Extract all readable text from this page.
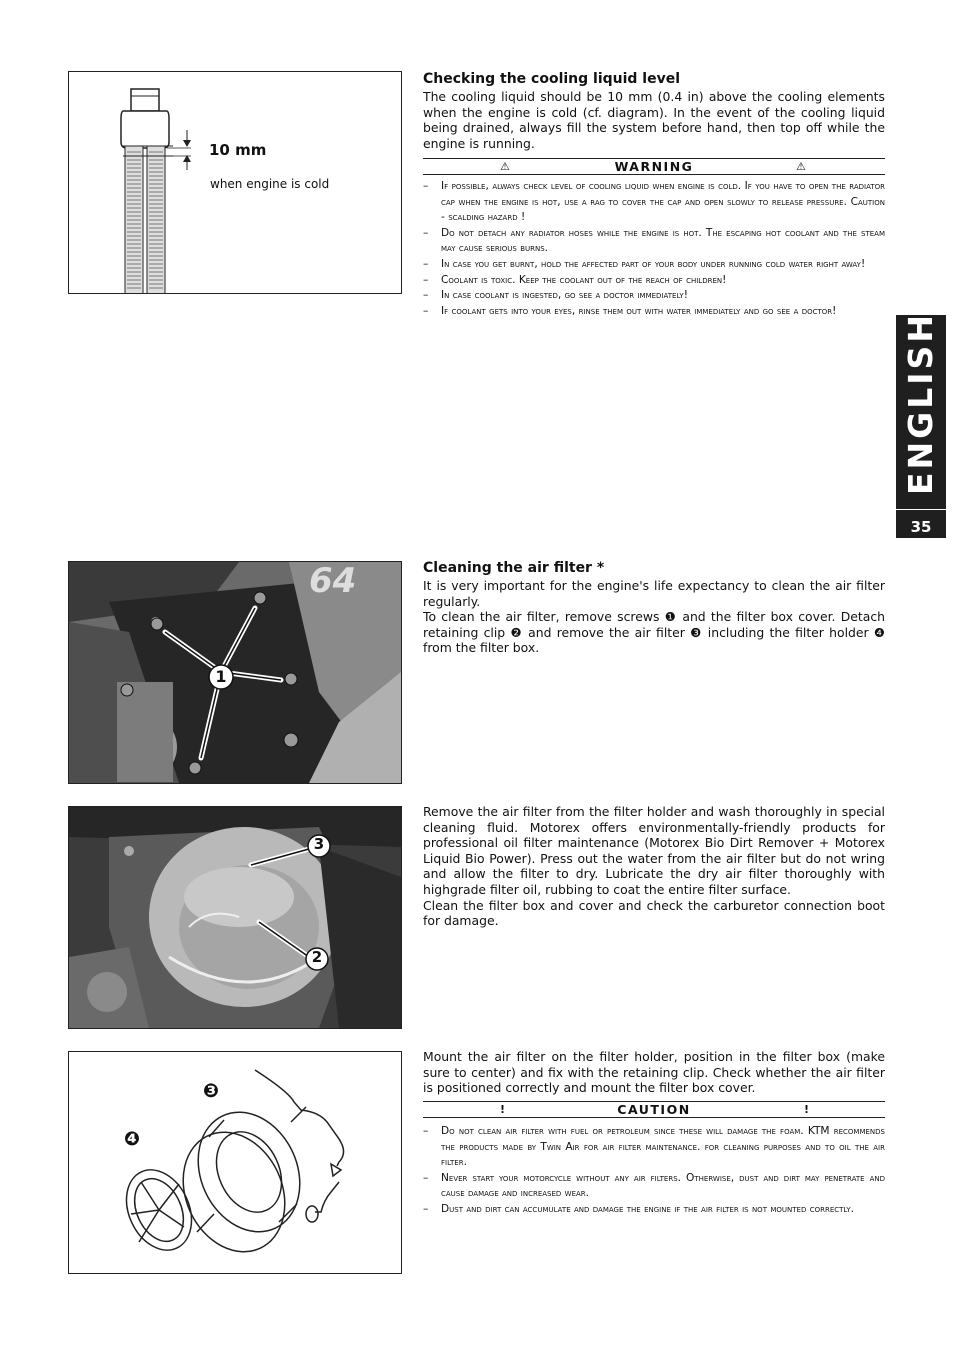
10 mm
when engine is cold
Checking the cooling liquid level

The cooling liquid should be 10 mm (0.4 in) above the cooling elements when the engine is cold (cf. diagram). In the event of the cooling liquid being drained, always fill the system before hand, then top off while the engine is running.

⚠	WARNING	⚠
– If possible, always check level of cooling liquid when engine is cold. If you have to open the radiator cap when the engine is hot, use a rag to cover the cap and open slowly to release pressure. Caution - scalding hazard !
– Do not detach any radiator hoses while the engine is hot. The escaping hot coolant and the steam may cause serious burns.
– In case you get burnt, hold the affected part of your body under running cold water right away!
– Coolant is toxic. Keep the coolant out of the reach of children!
– In case coolant is ingested, go see a doctor immediately!
– If coolant gets into your eyes, rinse them out with water immediately and go see a doctor!
ENGLISH
35
64
1
Cleaning the air filter *

It is very important for the engine's life expectancy to clean the air filter regularly.

To clean the air filter, remove screws ❶ and the filter box cover. Detach retaining clip ❷ and remove the air filter ❸ including the filter holder ❹ from the filter box.

3
2

Remove the air filter from the filter holder and wash thoroughly in special cleaning fluid. Motorex offers environmentally-friendly products for professional oil filter maintenance (Motorex Bio Dirt Remover + Motorex Liquid Bio Power). Press out the water from the air filter but do not wring and allow the filter to dry. Lubricate the dry air filter thoroughly with highgrade filter oil, rubbing to coat the entire filter surface.

Clean the filter box and cover and check the carburetor connection boot for damage.

❸
❹

Mount the air filter on the filter holder, position in the filter box (make sure to center) and fix with the retaining clip. Check whether the air filter is positioned correctly and mount the filter box cover.

!	CAUTION	!
– Do not clean air filter with fuel or petroleum since these will damage the foam. KTM recommends the products made by Twin Air for air filter maintenance. for cleaning purposes and to oil the air filter.
– Never start your motorcycle without any air filters. Otherwise, dust and dirt may penetrate and cause damage and increased wear.
– Dust and dirt can accumulate and damage the engine if the air filter is not mounted correctly.
